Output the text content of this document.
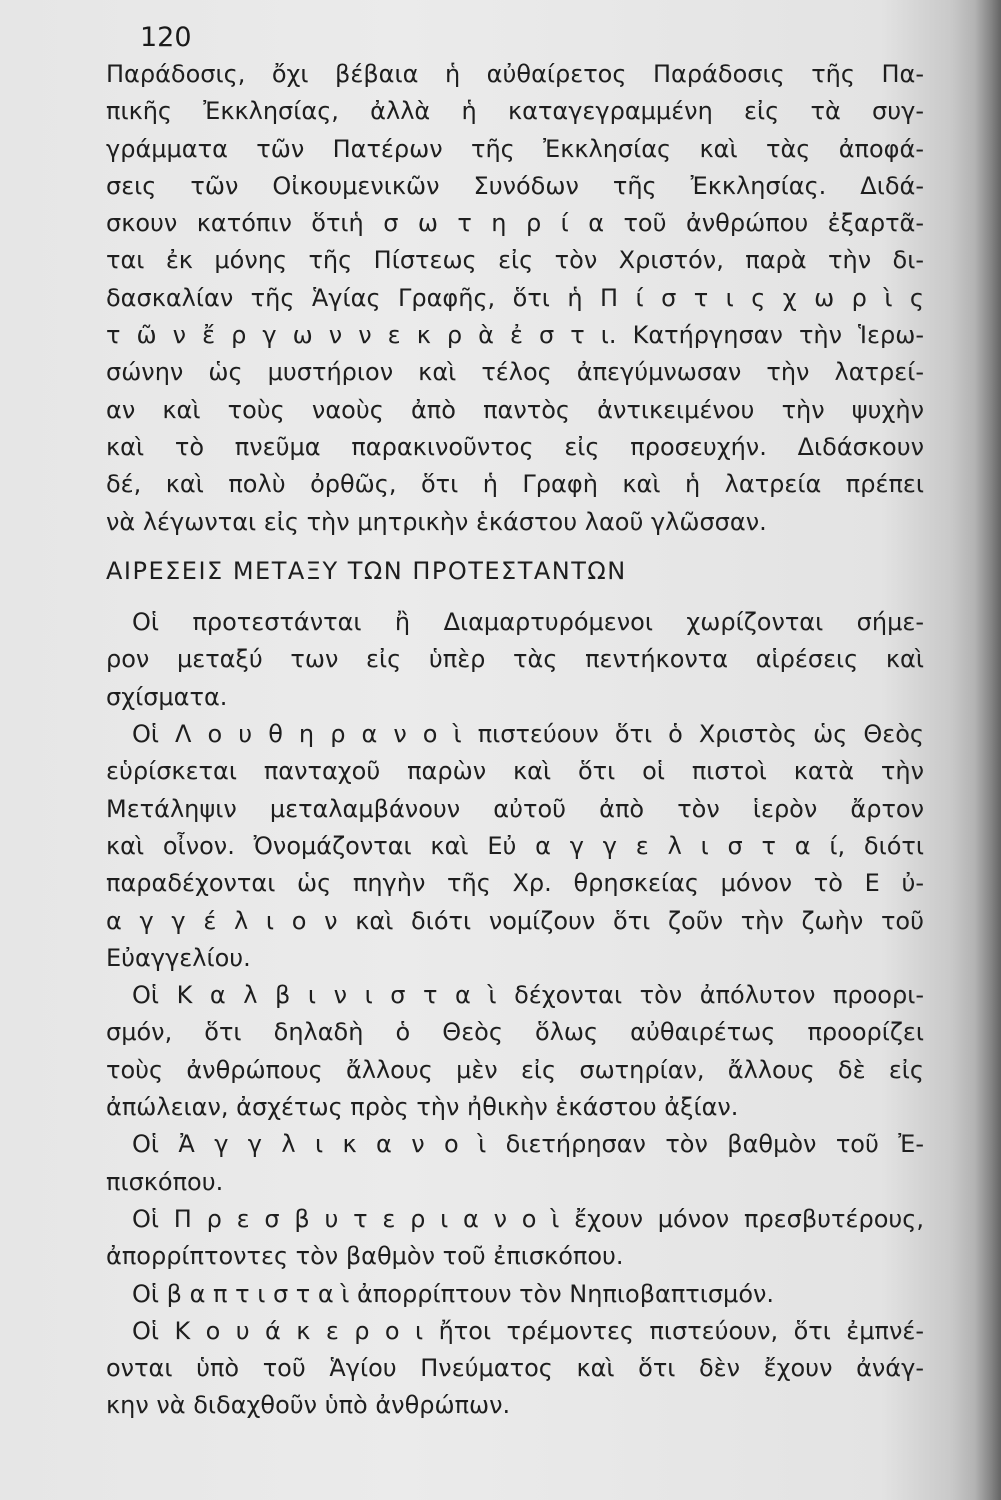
120
Παράδοσις, ὄχι βέβαια ἡ αὐθαίρετος Παράδοσις τῆς Πα-
πικῆς Ἐκκλησίας, ἀλλὰ ἡ καταγεγραμμένη εἰς τὰ συγ-
γράμματα τῶν Πατέρων τῆς Ἐκκλησίας καὶ τὰς ἀποφά-
σεις τῶν Οἰκουμενικῶν Συνόδων τῆς Ἐκκλησίας. Διδά-
σκουν κατόπιν ὅτιἡ σ ω τ η ρ ί α τοῦ ἀνθρώπου ἐξαρτᾶ-
ται ἐκ μόνης τῆς Πίστεως εἰς τὸν Χριστόν, παρὰ τὴν δι-
δασκαλίαν τῆς Ἁγίας Γραφῆς, ὅτι ἡ Π ί σ τ ι ς χ ω ρ ὶ ς
τ ῶ ν ἔ ρ γ ω ν ν ε κ ρ ὰ ἐ σ τ ι. Κατήργησαν τὴν Ἱερω-
σώνην ὡς μυστήριον καὶ τέλος ἀπεγύμνωσαν τὴν λατρεί-
αν καὶ τοὺς ναοὺς ἀπὸ παντὸς ἀντικειμένου τὴν ψυχὴν
καὶ τὸ πνεῦμα παρακινοῦντος εἰς προσευχήν. Διδάσκουν
δέ, καὶ πολὺ ὀρθῶς, ὅτι ἡ Γραφὴ καὶ ἡ λατρεία πρέπει
νὰ λέγωνται εἰς τὴν μητρικὴν ἑκάστου λαοῦ γλῶσσαν.
ΑΙΡΕΣΕΙΣ ΜΕΤΑΞΥ ΤΩΝ ΠΡΟΤΕΣΤΑΝΤΩΝ
Οἱ προτεστάνται ἢ Διαμαρτυρόμενοι χωρίζονται σήμε-
ρον μεταξύ των εἰς ὑπὲρ τὰς πεντήκοντα αἱρέσεις καὶ
σχίσματα.
Οἱ Λ ο υ θ η ρ α ν ο ὶ πιστεύουν ὅτι ὁ Χριστὸς ὡς Θεὸς
εὑρίσκεται πανταχοῦ παρὼν καὶ ὅτι οἱ πιστοὶ κατὰ τὴν
Μετάληψιν μεταλαμβάνουν αὐτοῦ ἀπὸ τὸν ἱερὸν ἄρτον
καὶ οἶνον. Ὀνομάζονται καὶ Εὐ α γ γ ε λ ι σ τ α ί, διότι
παραδέχονται ὡς πηγὴν τῆς Χρ. θρησκείας μόνον τὸ Ε ὐ-
α γ γ έ λ ι ο ν καὶ διότι νομίζουν ὅτι ζοῦν τὴν ζωὴν τοῦ
Εὐαγγελίου.
Οἱ Κ α λ β ι ν ι σ τ α ὶ δέχονται τὸν ἀπόλυτον προορι-
σμόν, ὅτι δηλαδὴ ὁ Θεὸς ὅλως αὐθαιρέτως προορίζει
τοὺς ἀνθρώπους ἄλλους μὲν εἰς σωτηρίαν, ἄλλους δὲ εἰς
ἀπώλειαν, ἀσχέτως πρὸς τὴν ἠθικὴν ἑκάστου ἀξίαν.
Οἱ Ἀ γ γ λ ι κ α ν ο ὶ διετήρησαν τὸν βαθμὸν τοῦ Ἐ-
πισκόπου.
Οἱ Π ρ ε σ β υ τ ε ρ ι α ν ο ὶ ἔχουν μόνον πρεσβυτέρους,
ἀπορρίπτοντες τὸν βαθμὸν τοῦ ἐπισκόπου.
Οἱ β α π τ ι σ τ α ὶ ἀπορρίπτουν τὸν Νηπιοβαπτισμόν.
Οἱ Κ ο υ ά κ ε ρ ο ι ἤτοι τρέμοντες πιστεύουν, ὅτι ἐμπνέ-
ονται ὑπὸ τοῦ Ἁγίου Πνεύματος καὶ ὅτι δὲν ἔχουν ἀνάγ-
κην νὰ διδαχθοῦν ὑπὸ ἀνθρώπων.
